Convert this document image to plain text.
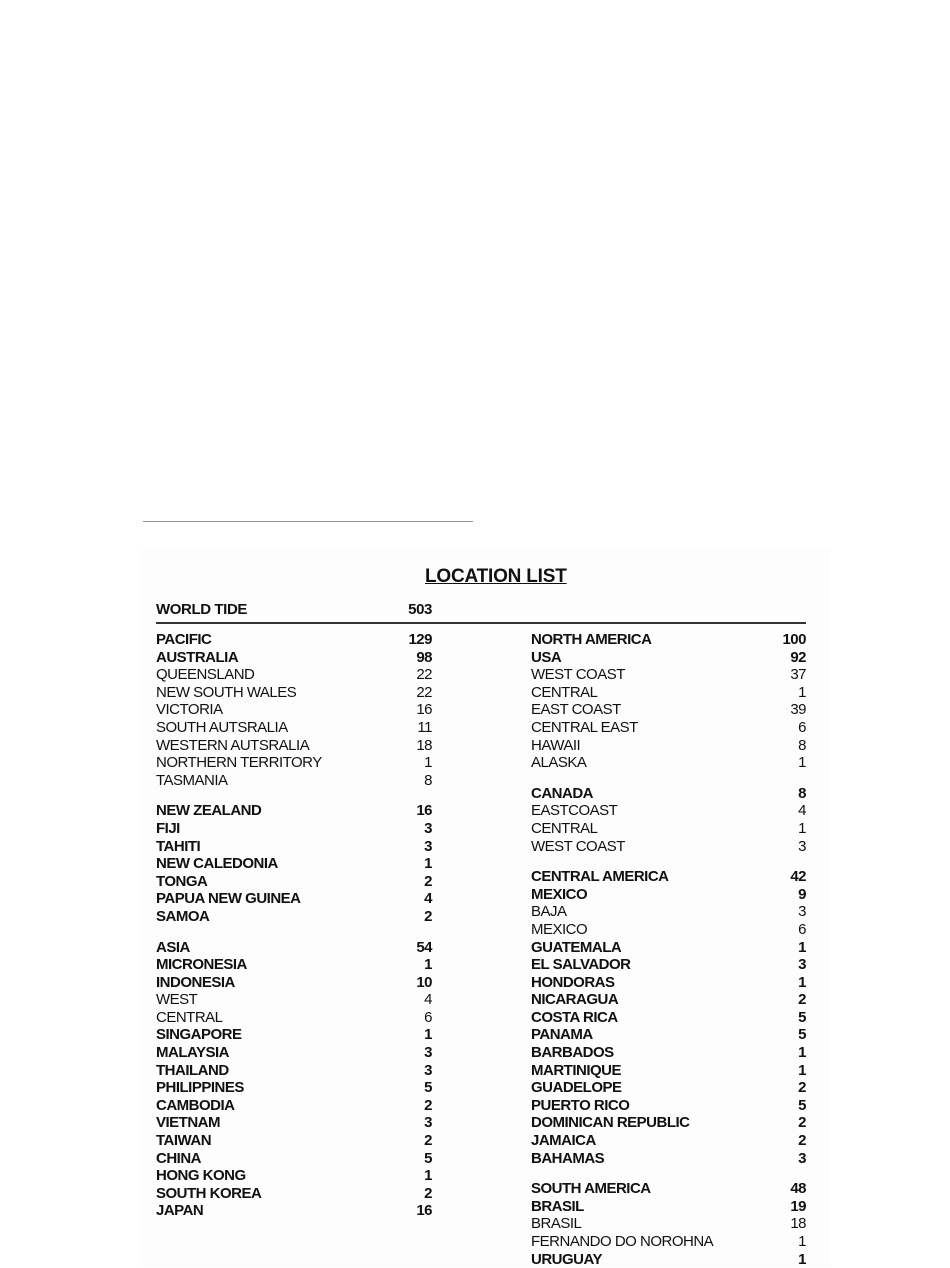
LOCATION LIST
WORLD TIDE	503
PACIFIC	129
AUSTRALIA	98
QUEENSLAND	22
NEW SOUTH WALES	22
VICTORIA	16
SOUTH AUTSRALIA	11
WESTERN AUTSRALIA	18
NORTHERN TERRITORY	1
TASMANIA	8
NEW ZEALAND	16
FIJI	3
TAHITI	3
NEW CALEDONIA	1
TONGA	2
PAPUA NEW GUINEA	4
SAMOA	2
ASIA	54
MICRONESIA	1
INDONESIA	10
WEST	4
CENTRAL	6
SINGAPORE	1
MALAYSIA	3
THAILAND	3
PHILIPPINES	5
CAMBODIA	2
VIETNAM	3
TAIWAN	2
CHINA	5
HONG KONG	1
SOUTH KOREA	2
JAPAN	16
NORTH AMERICA	100
USA	92
WEST COAST	37
CENTRAL	1
EAST COAST	39
CENTRAL EAST	6
HAWAII	8
ALASKA	1
CANADA	8
EASTCOAST	4
CENTRAL	1
WEST COAST	3
CENTRAL AMERICA	42
MEXICO	9
BAJA	3
MEXICO	6
GUATEMALA	1
EL SALVADOR	3
HONDORAS	1
NICARAGUA	2
COSTA RICA	5
PANAMA	5
BARBADOS	1
MARTINIQUE	1
GUADELOPE	2
PUERTO RICO	5
DOMINICAN REPUBLIC	2
JAMAICA	2
BAHAMAS	3
SOUTH AMERICA	48
BRASIL	19
BRASIL	18
FERNANDO DO NOROHNA	1
URUGUAY	1
